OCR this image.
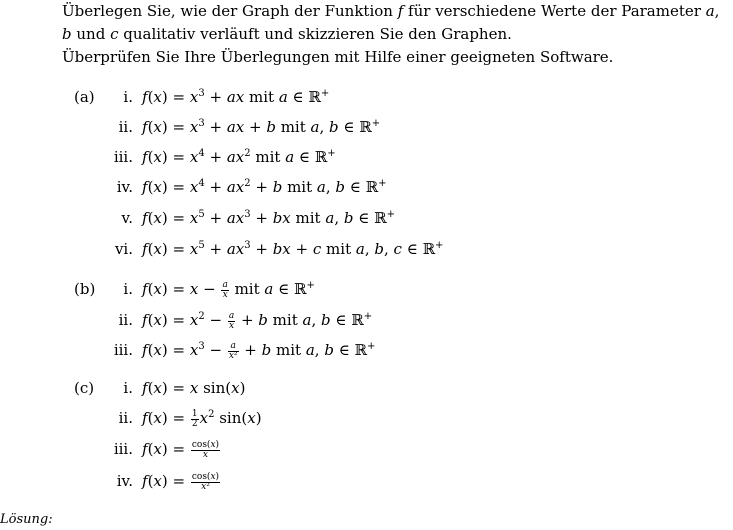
Überlegen Sie, wie der Graph der Funktion f für verschiedene Werte der Parameter a, b und c qualitativ verläuft und skizzieren Sie den Graphen.

Überprüfen Sie Ihre Überlegungen mit Hilfe einer geeigneten Software.

(a) i. $f(x) = x^3$ + ax mit a ∈ ℝ+
ii. $f(x) = x^3$ + ax + b mit a, b ∈ ℝ+
iii. $f(x) = x^4 + ax^2$ mit a ∈ ℝ+
iv. $f(x) = x^4 + ax^2 + b$ mit a, b ∈ ℝ+
v. $f(x) = x^5 + ax^3$ + bx mit a, b ∈ ℝ+
vi. $f(x) = x^5 + ax^3$ + bx + c mit a, b, c ∈ ℝ+
(b) i. $f(x) = x - \frac{a}{x}$ mit a ∈ ℝ+
ii. $f(x) = x^2 - \frac{a}{x} + b$ mit a, b ∈ ℝ+
iii. $f(x) = x^3 - \frac{a}{\text{x²}} + b$ mit a, b ∈ ℝ+
(c) i. f(x) = x sin(x)
ii. $f(x) = \frac{1}{2} x^2$ sin(x)
iii. $f(x) = \frac{\cos(x)}{x}$
iv. $f(x) = \frac{\cos(x)}{\text{x²}}$
Lösung:
